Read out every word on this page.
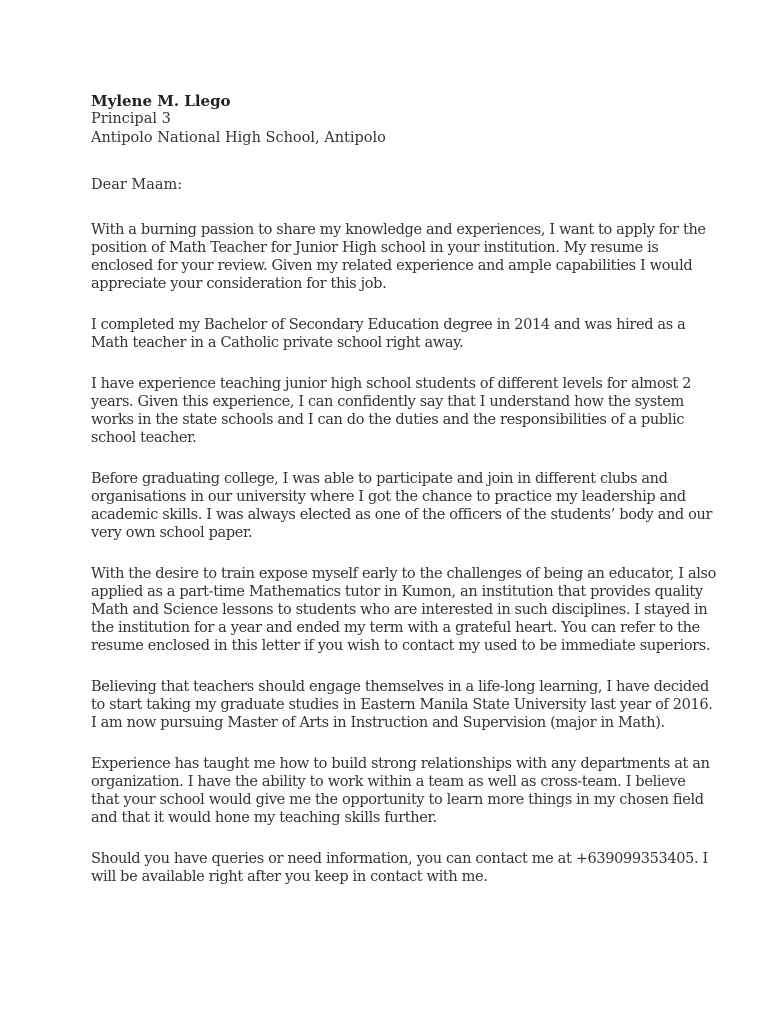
Mylene M. Llego
Principal 3
Antipolo National High School, Antipolo
Dear Maam:

With a burning passion to share my knowledge and experiences, I want to apply for the
position of Math Teacher for Junior High school in your institution. My resume is
enclosed for your review. Given my related experience and ample capabilities I would
appreciate your consideration for this job.

I completed my Bachelor of Secondary Education degree in 2014 and was hired as a
Math teacher in a Catholic private school right away.

I have experience teaching junior high school students of different levels for almost 2
years. Given this experience, I can confidently say that I understand how the system
works in the state schools and I can do the duties and the responsibilities of a public
school teacher.

Before graduating college, I was able to participate and join in different clubs and
organisations in our university where I got the chance to practice my leadership and
academic skills. I was always elected as one of the officers of the students’ body and our
very own school paper.

With the desire to train expose myself early to the challenges of being an educator, I also
applied as a part-time Mathematics tutor in Kumon, an institution that provides quality
Math and Science lessons to students who are interested in such disciplines. I stayed in
the institution for a year and ended my term with a grateful heart. You can refer to the
resume enclosed in this letter if you wish to contact my used to be immediate superiors.

Believing that teachers should engage themselves in a life-long learning, I have decided
to start taking my graduate studies in Eastern Manila State University last year of 2016.
I am now pursuing Master of Arts in Instruction and Supervision (major in Math).

Experience has taught me how to build strong relationships with any departments at an
organization. I have the ability to work within a team as well as cross-team. I believe
that your school would give me the opportunity to learn more things in my chosen field
and that it would hone my teaching skills further.

Should you have queries or need information, you can contact me at +639099353405. I
will be available right after you keep in contact with me.
